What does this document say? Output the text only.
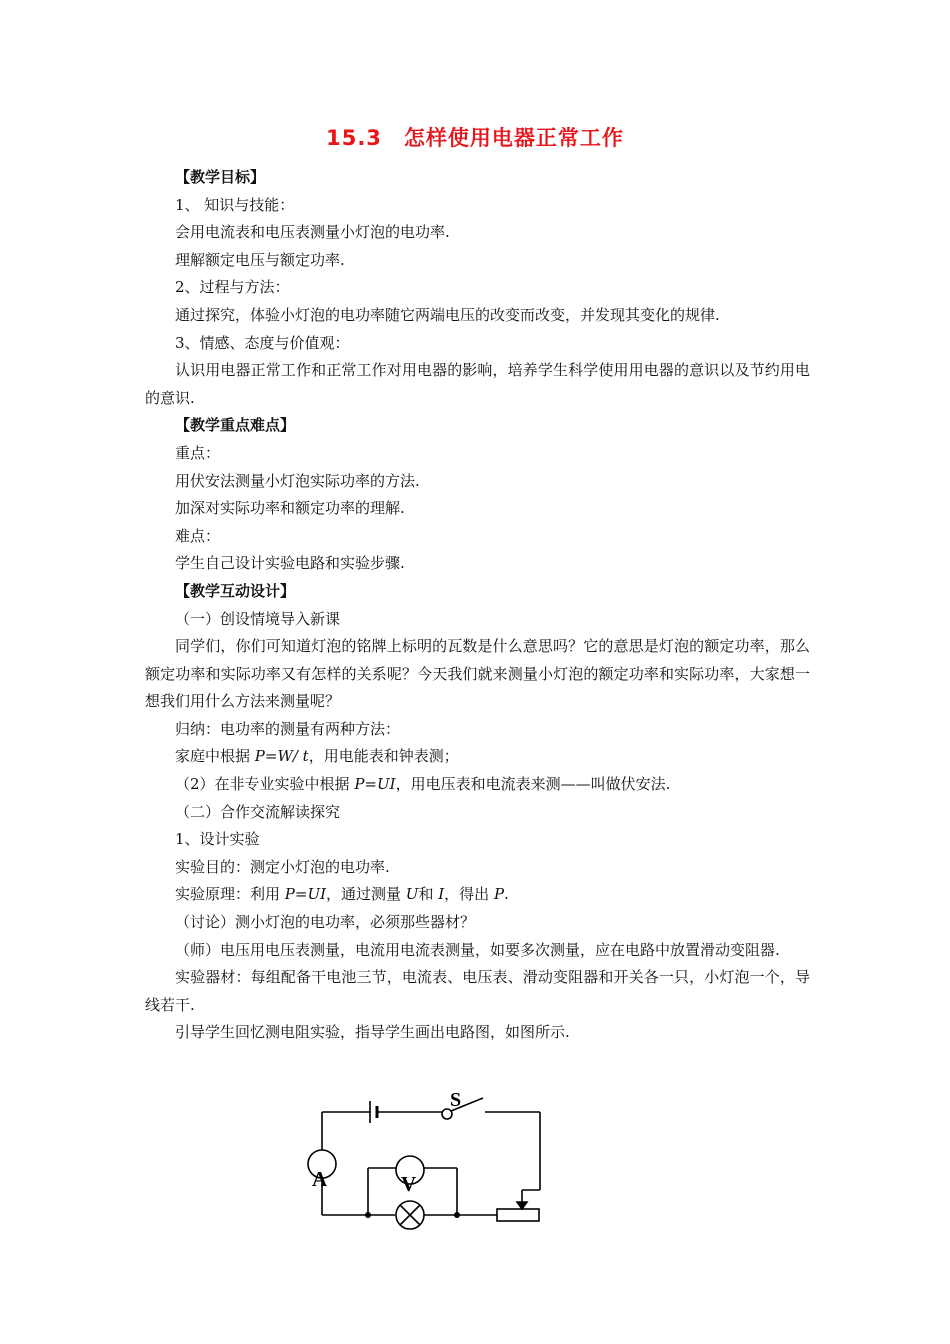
15.3　怎样使用电器正常工作
【教学目标】
1、 知识与技能：
会用电流表和电压表测量小灯泡的电功率.
理解额定电压与额定功率.
2、过程与方法：
通过探究，体验小灯泡的电功率随它两端电压的改变而改变，并发现其变化的规律.
3、情感、态度与价值观：
认识用电器正常工作和正常工作对用电器的影响，培养学生科学使用用电器的意识以及节约用电的意识.
【教学重点难点】
重点：
用伏安法测量小灯泡实际功率的方法.
加深对实际功率和额定功率的理解.
难点：
学生自己设计实验电路和实验步骤.
【教学互动设计】
（一）创设情境导入新课
同学们，你们可知道灯泡的铭牌上标明的瓦数是什么意思吗？它的意思是灯泡的额定功率，那么额定功率和实际功率又有怎样的关系呢？今天我们就来测量小灯泡的额定功率和实际功率，大家想一想我们用什么方法来测量呢？
归纳：电功率的测量有两种方法：
家庭中根据 P=W/ t，用电能表和钟表测；
（2）在非专业实验中根据 P=UI，用电压表和电流表来测——叫做伏安法.
（二）合作交流解读探究
1、设计实验
实验目的：测定小灯泡的电功率.
实验原理：利用 P=UI，通过测量 U和 I，得出 P.
（讨论）测小灯泡的电功率，必须那些器材？
（师）电压用电压表测量，电流用电流表测量，如要多次测量，应在电路中放置滑动变阻器.
实验器材：每组配备干电池三节，电流表、电压表、滑动变阻器和开关各一只，小灯泡一个，导线若干.
引导学生回忆测电阻实验，指导学生画出电路图，如图所示.
S
A	V
